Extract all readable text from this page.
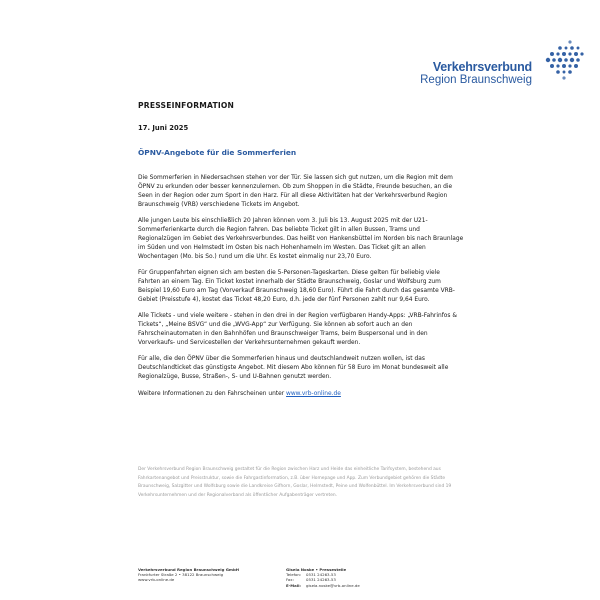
Verkehrsverbund
Region Braunschweig
PRESSEINFORMATION
17. Juni 2025
ÖPNV-Angebote für die Sommerferien

Die Sommerferien in Niedersachsen stehen vor der Tür. Sie lassen sich gut nutzen, um die Region mit dem ÖPNV zu erkunden oder besser kennenzulernen. Ob zum Shoppen in die Städte, Freunde besuchen, an die Seen in der Region oder zum Sport in den Harz. Für all diese Aktivitäten hat der Verkehrsverbund Region Braunschweig (VRB) verschiedene Tickets im Angebot.

Alle jungen Leute bis einschließlich 20 Jahren können vom 3. Juli bis 13. August 2025 mit der U21-Sommerferienkarte durch die Region fahren. Das beliebte Ticket gilt in allen Bussen, Trams und Regionalzügen im Gebiet des Verkehrsverbundes. Das heißt von Hankensbüttel im Norden bis nach Braunlage im Süden und von Helmstedt im Osten bis nach Hohenhameln im Westen. Das Ticket gilt an allen Wochentagen (Mo. bis So.) rund um die Uhr. Es kostet einmalig nur 23,70 Euro.

Für Gruppenfahrten eignen sich am besten die 5-Personen-Tageskarten. Diese gelten für beliebig viele Fahrten an einem Tag. Ein Ticket kostet innerhalb der Städte Braunschweig, Goslar und Wolfsburg zum Beispiel 19,60 Euro am Tag (Vorverkauf Braunschweig 18,60 Euro). Führt die Fahrt durch das gesamte VRB-Gebiet (Preisstufe 4), kostet das Ticket 48,20 Euro, d.h. jede der fünf Personen zahlt nur 9,64 Euro.

Alle Tickets - und viele weitere - stehen in den drei in der Region verfügbaren Handy-Apps: „VRB-Fahrinfos & Tickets“, „Meine BSVG“ und die „WVG-App“ zur Verfügung. Sie können ab sofort auch an den Fahrscheinautomaten in den Bahnhöfen und Braunschweiger Trams, beim Buspersonal und in den Vorverkaufs- und Servicestellen der Verkehrsunternehmen gekauft werden.

Für alle, die den ÖPNV über die Sommerferien hinaus und deutschlandweit nutzen wollen, ist das Deutschlandticket das günstigste Angebot. Mit diesem Abo können für 58 Euro im Monat bundesweit alle Regionalzüge, Busse, Straßen-, S- und U-Bahnen genutzt werden.

Weitere Informationen zu den Fahrscheinen unter www.vrb-online.de

Der Verkehrsverbund Region Braunschweig gestaltet für die Region zwischen Harz und Heide das einheitliche Tarifsystem, bestehend aus Fahrkartenangebot und Preisstruktur, sowie die Fahrgastinformation, z.B. über Homepage und App. Zum Verbundgebiet gehören die Städte Braunschweig, Salzgitter und Wolfsburg sowie die Landkreise Gifhorn, Goslar, Helmstedt, Peine und Wolfenbüttel. Im Verkehrsverbund sind 19 Verkehrsunternehmen und der Regionalverband als öffentlicher Aufgabenträger vertreten.

Verkehrsverbund Region Braunschweig GmbH
Frankfurter Straße 2 • 38122 Braunschweig
www.vrb-online.de
Gisela Noske • Pressestelle
Telefon:	0531 24263-53
Fax:	0531 24263-53
E-Mail:	gisela.noske@vrb-online.de
